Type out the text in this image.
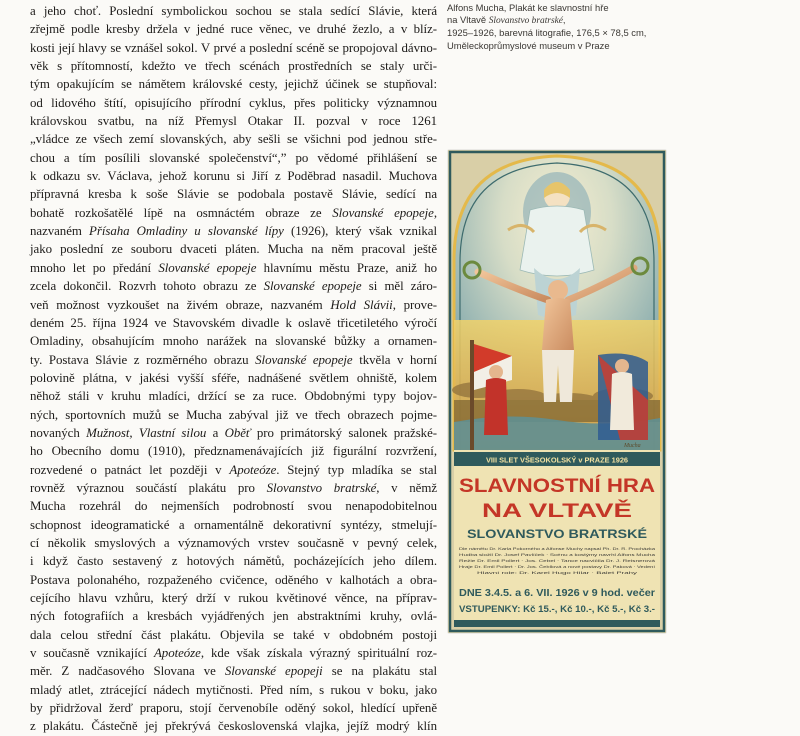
a jeho choť. Poslední symbolickou sochou se stala sedící Slávie, která
zřejmě podle kresby držela v jedné ruce věnec, ve druhé žezlo, a v blíz-
kosti její hlavy se vznášel sokol. V prvé a poslední scéně se propojoval dávno-
věk s přítomností, kdežto ve třech scénách prostředních se staly urči-
tým opakujícím se námětem královské cesty, jejichž účinek se stupňoval:
od lidového štítí, opisujícího přírodní cyklus, přes politicky významnou
královskou svatbu, na níž Přemysl Otakar II. pozval v roce 1261
„vládce ze všech zemí slovanských, aby sešli se všichni pod jednou stře-
chou a tím posílili slovanské společenství“,” po vědomé přihlášení se
k odkazu sv. Václava, jehož korunu si Jiří z Poděbrad nasadil. Muchova
přípravná kresba k soše Slávie se podobala postavě Slávie, sedící na
bohatě rozkošatělé lípě na osmnáctém obraze ze Slovanské epopeje,
nazvaném Přísaha Omladiny u slovanské lípy (1926), který však vznikal
jako poslední ze souboru dvaceti pláten. Mucha na něm pracoval ještě
mnoho let po předání Slovanské epopeje hlavnímu městu Praze, aniž ho
zcela dokončil. Rozvrh tohoto obrazu ze Slovanské epopeje si měl záro-
veň možnost vyzkoušet na živém obraze, nazvaném Hold Slávii, prove-
deném 25. října 1924 ve Stavovském divadle k oslavě třicetiletého výročí
Omladiny, obsahujícím mnoho narážek na slovanské bůžky a ornamen-
ty. Postava Slávie z rozměrného obrazu Slovanské epopeje tkvěla v horní
polovině plátna, v jakési vyšší sféře, nadnášené světlem ohniště, kolem
něhož stáli v kruhu mladíci, držící se za ruce. Obdobnými typy bojov-
ných, sportovních mužů se Mucha zabýval již ve třech obrazech pojme-
novaných Mužnost, Vlastní silou a Oběť pro primátorský salonek pražské-
ho Obecního domu (1910), předznamenávajících již figurální rozvržení,
rozvedené o patnáct let později v Apoteóze. Stejný typ mladíka se stal
rovněž výraznou součástí plakátu pro Slovanstvo bratrské, v němž
Mucha rozehrál do nejmenších podrobností svou nenapodobitelnou
schopnost ideogramatické a ornamentálně dekorativní syntézy, stmelují-
cí několik smyslových a významových vrstev současně v pevný celek,
i když často sestavený z hotových námětů, pocházejících jeho dílem.
Postava polonahého, rozpaženého cvičence, oděného v kalhotách a obra-
cejícího hlavu vzhůru, který drží v rukou květinové věnce, na příprav-
ných fotografiích a kresbách vyjádřených jen abstraktními kruhy, ovlá-
dala celou střední část plakátu. Objevila se také v obdobném postoji
v současně vznikající Apoteóze, kde však získala výrazný spirituální roz-
měr. Z nadčasového Slovana ve Slovanské epopeji se na plakátu stal
mladý atlet, ztrácející nádech mytičnosti. Před ním, s rukou v boku, jako
by přidržoval žerď praporu, stojí červenobíle oděný sokol, hledící upřeně
z plakátu. Částečně jej překrývá československá vlajka, jejíž modrý klín
Alfons Mucha, Plakát ke slavnostní hře
na Vltavě Slovanstvo bratrské,
1925–1926, barevná litografie, 176,5 × 78,5 cm,
Uměleckoprůmyslové museum v Praze
Mucha
VIII SLET VŠESOKOLSKÝ v PRAZE 1926
SLAVNOSTNÍ HRA
NA VLTAVĚ
SLOVANSTVO BRATRSKÉ
Dle námětu Dr. Karla Pokorného a Alfonse Muchy napsal Ph. Dr. R. Procházka
Hudba složil Dr. Josef Pavlíček · Scénu a kostýmy navrhl Alfons Mucha
Režie Dr. Emil Pollert · Jos. Cebel · Tance nacvičila Dr. J. Reisnerová
Hraje Dr. Emil Pollert · Dr. Jos. Čebllová a nové postavy Dr. Paková · Vedení
Hlavní role: Dr. Karel Hugo Hilar · Balet Prahy
DNE 3.4.5. a 6. VII. 1926 v 9 hod. večer
VSTUPENKY: Kč 15.-, Kč 10.-, Kč 5.-, Kč 3.-
